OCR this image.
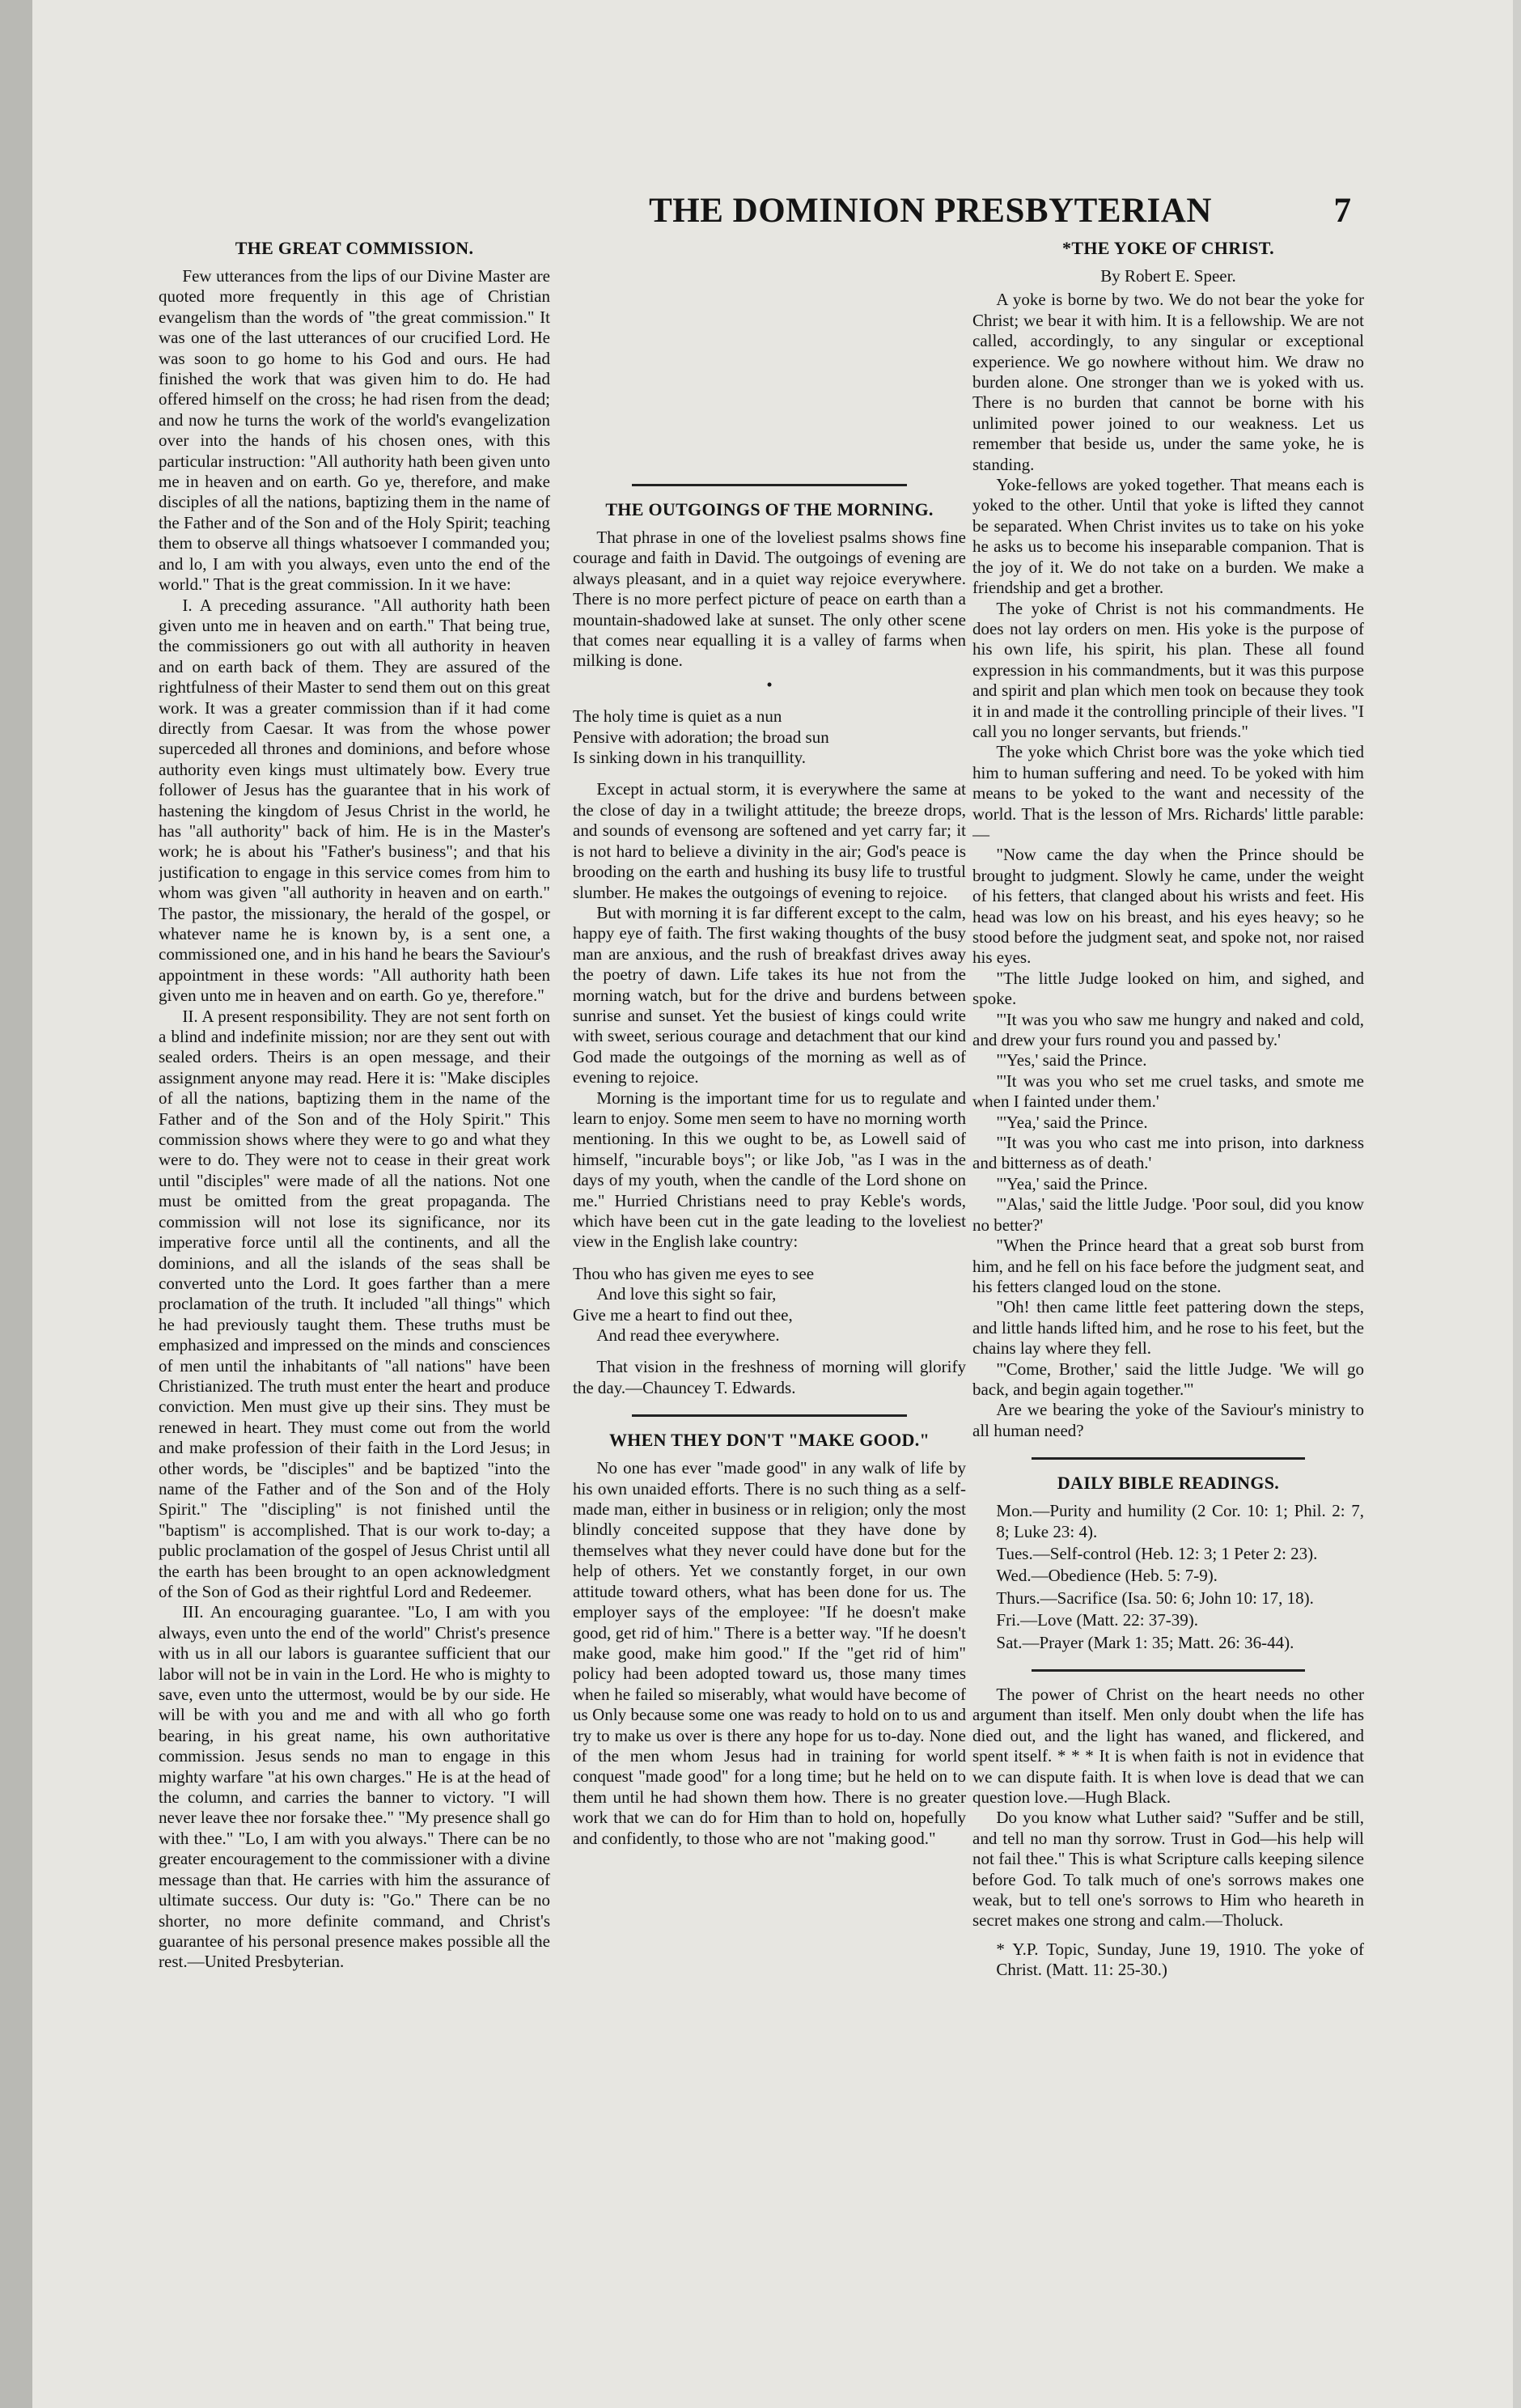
THE DOMINION PRESBYTERIAN	7
THE GREAT COMMISSION.

Few utterances from the lips of our Divine Master are quoted more frequently in this age of Christian evangelism than the words of "the great commission." It was one of the last utterances of our crucified Lord. He was soon to go home to his God and ours. He had finished the work that was given him to do. He had offered himself on the cross; he had risen from the dead; and now he turns the work of the world's evangelization over into the hands of his chosen ones, with this particular instruction: "All authority hath been given unto me in heaven and on earth. Go ye, therefore, and make disciples of all the nations, baptizing them in the name of the Father and of the Son and of the Holy Spirit; teaching them to observe all things whatsoever I commanded you; and lo, I am with you always, even unto the end of the world." That is the great commission. In it we have:

I. A preceding assurance. "All authority hath been given unto me in heaven and on earth." That being true, the commissioners go out with all authority in heaven and on earth back of them. They are assured of the rightfulness of their Master to send them out on this great work. It was a greater commission than if it had come directly from Caesar. It was from the whose power superceded all thrones and dominions, and before whose authority even kings must ultimately bow. Every true follower of Jesus has the guarantee that in his work of hastening the kingdom of Jesus Christ in the world, he has "all authority" back of him. He is in the Master's work; he is about his "Father's business"; and that his justification to engage in this service comes from him to whom was given "all authority in heaven and on earth." The pastor, the missionary, the herald of the gospel, or whatever name he is known by, is a sent one, a commissioned one, and in his hand he bears the Saviour's appointment in these words: "All authority hath been given unto me in heaven and on earth. Go ye, therefore."

II. A present responsibility. They are not sent forth on a blind and indefinite mission; nor are they sent out with sealed orders. Theirs is an open message, and their assignment anyone may read. Here it is: "Make disciples of all the nations, baptizing them in the name of the Father and of the Son and of the Holy Spirit." This commission shows where they were to go and what they were to do. They were not to cease in their great work until "disciples" were made of all the nations. Not one must be omitted from the great propaganda. The commission will not lose its significance, nor its imperative force until all the continents, and all the dominions, and all the islands of the seas shall be converted unto the Lord. It goes farther than a mere proclamation of the truth. It included "all things" which he had previously taught them. These truths must be emphasized and impressed on the minds and consciences of men until the inhabitants of "all nations" have been Christianized. The truth must enter the heart and produce conviction. Men must give up their sins. They must be renewed in heart. They must come out from the world and make profession of their faith in the Lord Jesus; in other words, be "disciples" and be baptized "into the name of the Father and of the Son and of the Holy Spirit." The "discipling" is not finished until the "baptism" is accomplished. That is our work to-day; a public proclamation of the gospel of Jesus Christ until all the earth has been brought to an open acknowledgment of the Son of God as their rightful Lord and Redeemer.

III. An encouraging guarantee. "Lo, I am with you always, even unto the end of the world" Christ's presence with us in all our labors is guarantee sufficient that our labor will not be in vain in the Lord. He who is mighty to save, even unto the uttermost, would be by our side. He will be with you and me and with all who go forth bearing, in his great name, his own authoritative commission. Jesus sends no man to engage in this mighty warfare "at his own charges." He is at the head of the column, and carries the banner to victory. "I will never leave thee nor forsake thee." "My presence shall go with thee." "Lo, I am with you always." There can be no greater encouragement to the commissioner with a divine message than that. He carries with him the assurance of ultimate success. Our duty is: "Go." There can be no shorter, no more definite command, and Christ's guarantee of his personal presence makes possible all the rest.—United Presbyterian.

THE OUTGOINGS OF THE MORNING.

That phrase in one of the loveliest psalms shows fine courage and faith in David. The outgoings of evening are always pleasant, and in a quiet way rejoice everywhere. There is no more perfect picture of peace on earth than a mountain-shadowed lake at sunset. The only other scene that comes near equalling it is a valley of farms when milking is done.

•
The holy time is quiet as a nun
Pensive with adoration; the broad sun
Is sinking down in his tranquillity.

Except in actual storm, it is everywhere the same at the close of day in a twilight attitude; the breeze drops, and sounds of evensong are softened and yet carry far; it is not hard to believe a divinity in the air; God's peace is brooding on the earth and hushing its busy life to trustful slumber. He makes the outgoings of evening to rejoice.

But with morning it is far different except to the calm, happy eye of faith. The first waking thoughts of the busy man are anxious, and the rush of breakfast drives away the poetry of dawn. Life takes its hue not from the morning watch, but for the drive and burdens between sunrise and sunset. Yet the busiest of kings could write with sweet, serious courage and detachment that our kind God made the outgoings of the morning as well as of evening to rejoice.

Morning is the important time for us to regulate and learn to enjoy. Some men seem to have no morning worth mentioning. In this we ought to be, as Lowell said of himself, "incurable boys"; or like Job, "as I was in the days of my youth, when the candle of the Lord shone on me." Hurried Christians need to pray Keble's words, which have been cut in the gate leading to the loveliest view in the English lake country:

Thou who has given me eyes to see
And love this sight so fair,
Give me a heart to find out thee,
And read thee everywhere.

That vision in the freshness of morning will glorify the day.—Chauncey T. Edwards.

WHEN THEY DON'T "MAKE GOOD."

No one has ever "made good" in any walk of life by his own unaided efforts. There is no such thing as a self-made man, either in business or in religion; only the most blindly conceited suppose that they have done by themselves what they never could have done but for the help of others. Yet we constantly forget, in our own attitude toward others, what has been done for us. The employer says of the employee: "If he doesn't make good, get rid of him." There is a better way. "If he doesn't make good, make him good." If the "get rid of him" policy had been adopted toward us, those many times when he failed so miserably, what would have become of us Only because some one was ready to hold on to us and try to make us over is there any hope for us to-day. None of the men whom Jesus had in training for world conquest "made good" for a long time; but he held on to them until he had shown them how. There is no greater work that we can do for Him than to hold on, hopefully and confidently, to those who are not "making good."

*THE YOKE OF CHRIST.
By Robert E. Speer.

A yoke is borne by two. We do not bear the yoke for Christ; we bear it with him. It is a fellowship. We are not called, accordingly, to any singular or exceptional experience. We go nowhere without him. We draw no burden alone. One stronger than we is yoked with us. There is no burden that cannot be borne with his unlimited power joined to our weakness. Let us remember that beside us, under the same yoke, he is standing.

Yoke-fellows are yoked together. That means each is yoked to the other. Until that yoke is lifted they cannot be separated. When Christ invites us to take on his yoke he asks us to become his inseparable companion. That is the joy of it. We do not take on a burden. We make a friendship and get a brother.

The yoke of Christ is not his commandments. He does not lay orders on men. His yoke is the purpose of his own life, his spirit, his plan. These all found expression in his commandments, but it was this purpose and spirit and plan which men took on because they took it in and made it the controlling principle of their lives. "I call you no longer servants, but friends."

The yoke which Christ bore was the yoke which tied him to human suffering and need. To be yoked with him means to be yoked to the want and necessity of the world. That is the lesson of Mrs. Richards' little parable:—

"Now came the day when the Prince should be brought to judgment. Slowly he came, under the weight of his fetters, that clanged about his wrists and feet. His head was low on his breast, and his eyes heavy; so he stood before the judgment seat, and spoke not, nor raised his eyes.

"The little Judge looked on him, and sighed, and spoke.

"'It was you who saw me hungry and naked and cold, and drew your furs round you and passed by.'

"'Yes,' said the Prince.

"'It was you who set me cruel tasks, and smote me when I fainted under them.'

"'Yea,' said the Prince.

"'It was you who cast me into prison, into darkness and bitterness as of death.'

"'Yea,' said the Prince.

"'Alas,' said the little Judge. 'Poor soul, did you know no better?'

"When the Prince heard that a great sob burst from him, and he fell on his face before the judgment seat, and his fetters clanged loud on the stone.

"Oh! then came little feet pattering down the steps, and little hands lifted him, and he rose to his feet, but the chains lay where they fell.

"'Come, Brother,' said the little Judge. 'We will go back, and begin again together.'"

Are we bearing the yoke of the Saviour's ministry to all human need?

DAILY BIBLE READINGS.
Mon.—Purity and humility (2 Cor. 10: 1; Phil. 2: 7, 8; Luke 23: 4).
Tues.—Self-control (Heb. 12: 3; 1 Peter 2: 23).
Wed.—Obedience (Heb. 5: 7-9).
Thurs.—Sacrifice (Isa. 50: 6; John 10: 17, 18).
Fri.—Love (Matt. 22: 37-39).
Sat.—Prayer (Mark 1: 35; Matt. 26: 36-44).

The power of Christ on the heart needs no other argument than itself. Men only doubt when the life has died out, and the light has waned, and flickered, and spent itself. * * * It is when faith is not in evidence that we can dispute faith. It is when love is dead that we can question love.—Hugh Black.

Do you know what Luther said? "Suffer and be still, and tell no man thy sorrow. Trust in God—his help will not fail thee." This is what Scripture calls keeping silence before God. To talk much of one's sorrows makes one weak, but to tell one's sorrows to Him who heareth in secret makes one strong and calm.—Tholuck.

* Y.P. Topic, Sunday, June 19, 1910. The yoke of Christ. (Matt. 11: 25-30.)
